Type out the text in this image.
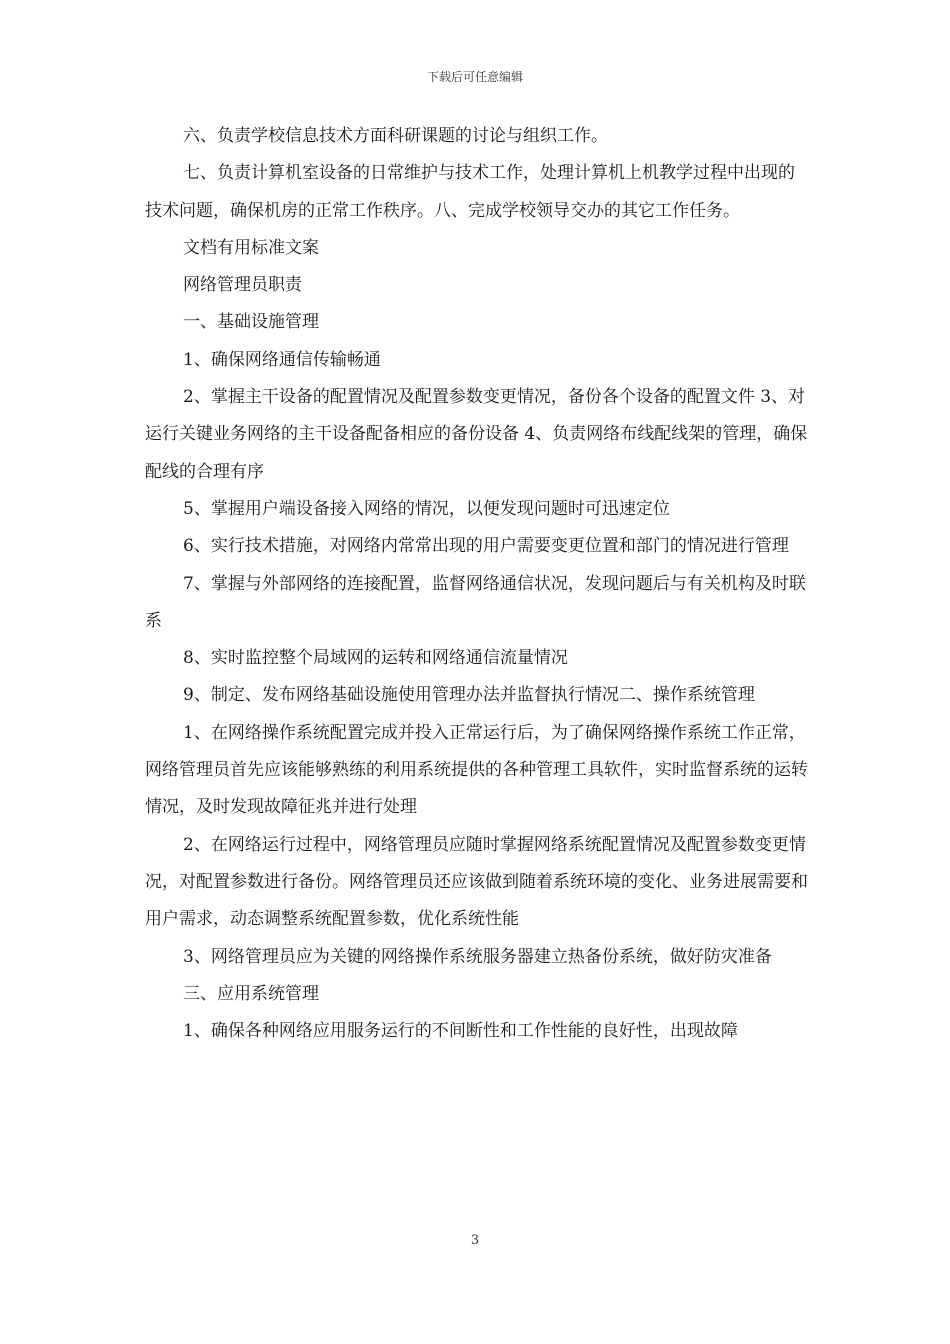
下载后可任意编辑

六、负责学校信息技术方面科研课题的讨论与组织工作。

七、负责计算机室设备的日常维护与技术工作，处理计算机上机教学过程中出现的技术问题，确保机房的正常工作秩序。八、完成学校领导交办的其它工作任务。

文档有用标准文案

网络管理员职责

一、基础设施管理

1、确保网络通信传输畅通

2、掌握主干设备的配置情况及配置参数变更情况，备份各个设备的配置文件 3、对运行关键业务网络的主干设备配备相应的备份设备 4、负责网络布线配线架的管理，确保配线的合理有序

5、掌握用户端设备接入网络的情况，以便发现问题时可迅速定位

6、实行技术措施，对网络内常常出现的用户需要变更位置和部门的情况进行管理

7、掌握与外部网络的连接配置，监督网络通信状况，发现问题后与有关机构及时联系

8、实时监控整个局域网的运转和网络通信流量情况

9、制定、发布网络基础设施使用管理办法并监督执行情况二、操作系统管理

1、在网络操作系统配置完成并投入正常运行后，为了确保网络操作系统工作正常，网络管理员首先应该能够熟练的利用系统提供的各种管理工具软件，实时监督系统的运转情况，及时发现故障征兆并进行处理

2、在网络运行过程中，网络管理员应随时掌握网络系统配置情况及配置参数变更情况，对配置参数进行备份。网络管理员还应该做到随着系统环境的变化、业务进展需要和用户需求，动态调整系统配置参数，优化系统性能

3、网络管理员应为关键的网络操作系统服务器建立热备份系统，做好防灾准备

三、应用系统管理

1、确保各种网络应用服务运行的不间断性和工作性能的良好性，出现故障

3
